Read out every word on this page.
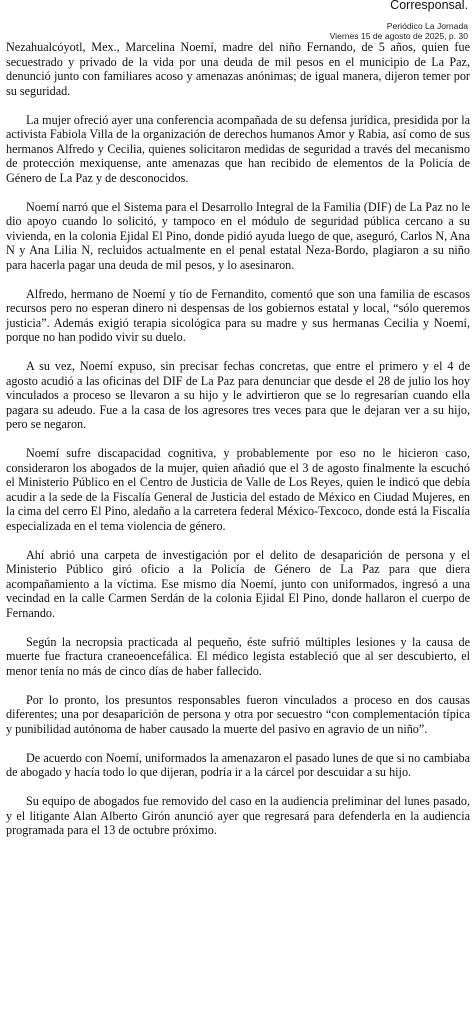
Corresponsal.
Periódico La Jornada
Viernes 15 de agosto de 2025, p. 30

Nezahualcóyotl, Mex., Marcelina Noemí, madre del niño Fernando, de 5 años, quien fue secuestrado y privado de la vida por una deuda de mil pesos en el municipio de La Paz, denunció junto con familiares acoso y amenazas anónimas; de igual manera, dijeron temer por su seguridad.

La mujer ofreció ayer una conferencia acompañada de su defensa jurídica, presidida por la activista Fabiola Villa de la organización de derechos humanos Amor y Rabia, así como de sus hermanos Alfredo y Cecilia, quienes solicitaron medidas de seguridad a través del mecanismo de protección mexiquense, ante amenazas que han recibido de elementos de la Policía de Género de La Paz y de desconocidos.

Noemí narró que el Sistema para el Desarrollo Integral de la Familia (DIF) de La Paz no le dio apoyo cuando lo solicitó, y tampoco en el módulo de seguridad pública cercano a su vivienda, en la colonia Ejidal El Pino, donde pidió ayuda luego de que, aseguró, Carlos N, Ana N y Ana Lilia N, recluidos actualmente en el penal estatal Neza-Bordo, plagiaron a su niño para hacerla pagar una deuda de mil pesos, y lo asesinaron.

Alfredo, hermano de Noemí y tío de Fernandito, comentó que son una familia de escasos recursos pero no esperan dinero ni despensas de los gobiernos estatal y local, “sólo queremos justicia”. Además exigió terapia sicológica para su madre y sus hermanas Cecilia y Noemí, porque no han podido vivir su duelo.

A su vez, Noemí expuso, sin precisar fechas concretas, que entre el primero y el 4 de agosto acudió a las oficinas del DIF de La Paz para denunciar que desde el 28 de julio los hoy vinculados a proceso se llevaron a su hijo y le advirtieron que se lo regresarían cuando ella pagara su adeudo. Fue a la casa de los agresores tres veces para que le dejaran ver a su hijo, pero se negaron.

Noemí sufre discapacidad cognitiva, y probablemente por eso no le hicieron caso, consideraron los abogados de la mujer, quien añadió que el 3 de agosto finalmente la escuchó el Ministerio Público en el Centro de Justicia de Valle de Los Reyes, quien le indicó que debía acudir a la sede de la Fiscalía General de Justicia del estado de México en Ciudad Mujeres, en la cima del cerro El Pino, aledaño a la carretera federal México-Texcoco, donde está la Fiscalía especializada en el tema violencia de género.

Ahí abrió una carpeta de investigación por el delito de desaparición de persona y el Ministerio Público giró oficio a la Policía de Género de La Paz para que diera acompañamiento a la víctima. Ese mismo día Noemí, junto con uniformados, ingresó a una vecindad en la calle Carmen Serdán de la colonia Ejidal El Pino, donde hallaron el cuerpo de Fernando.

Según la necropsia practicada al pequeño, éste sufrió múltiples lesiones y la causa de muerte fue fractura craneoencefálica. El médico legista estableció que al ser descubierto, el menor tenía no más de cinco días de haber fallecido.

Por lo pronto, los presuntos responsables fueron vinculados a proceso en dos causas diferentes; una por desaparición de persona y otra por secuestro “con complementación típica y punibilidad autónoma de haber causado la muerte del pasivo en agravio de un niño”.

De acuerdo con Noemí, uniformados la amenazaron el pasado lunes de que si no cambiaba de abogado y hacía todo lo que dijeran, podría ir a la cárcel por descuidar a su hijo.

Su equipo de abogados fue removido del caso en la audiencia preliminar del lunes pasado, y el litigante Alan Alberto Girón anunció ayer que regresará para defenderla en la audiencia programada para el 13 de octubre próximo.
